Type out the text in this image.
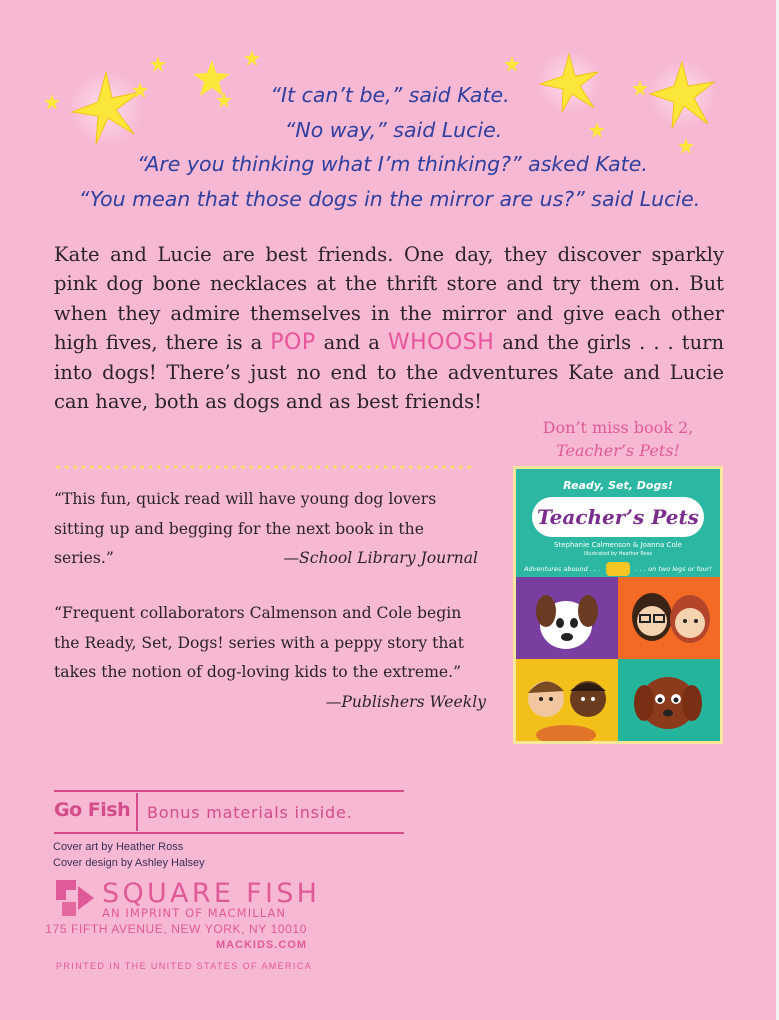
“It can’t be,” said Kate.
“No way,” said Lucie.
“Are you thinking what I’m thinking?” asked Kate.
“You mean that those dogs in the mirror are us?” said Lucie.
Kate and Lucie are best friends. One day, they discover sparkly pink dog bone necklaces at the thrift store and try them on. But when they admire themselves in the mirror and give each other high fives, there is a POP and a WHOOSH and the girls . . . turn into dogs! There’s just no end to the adventures Kate and Lucie can have, both as dogs and as best friends!
Don’t miss book 2,
Teacher’s Pets!
“This fun, quick read will have young dog lovers sitting up and begging for the next book in the series.”	—School Library Journal
“Frequent collaborators Calmenson and Cole begin the Ready, Set, Dogs! series with a peppy story that takes the notion of dog-loving kids to the extreme.”
—Publishers Weekly
Ready, Set, Dogs!
Teacher’s Pets
Stephanie Calmenson & Joanna Cole
Illustrated by Heather Ross
Adventures abound . . .	. . . on two legs or four!
Go Fish Bonus materials inside.
Cover art by Heather Ross
Cover design by Ashley Halsey
SQUARE FISH
AN IMPRINT OF MACMILLAN
175 FIFTH AVENUE, NEW YORK, NY 10010
MACKIDS.COM
PRINTED IN THE UNITED STATES OF AMERICA
